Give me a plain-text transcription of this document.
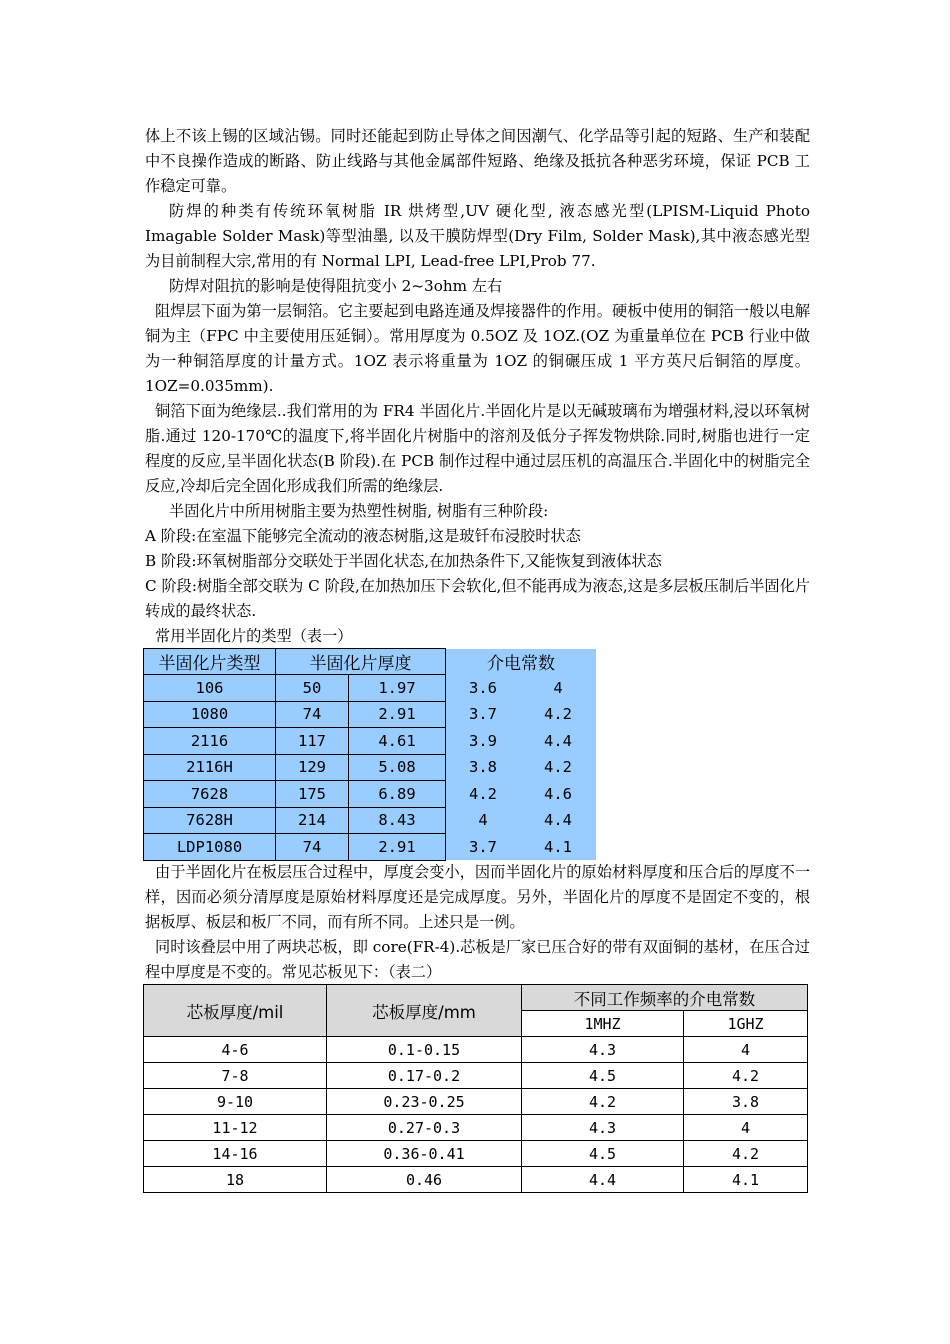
体上不该上锡的区域沾锡。同时还能起到防止导体之间因潮气、化学品等引起的短路、生产和装配中不良操作造成的断路、防止线路与其他金属部件短路、绝缘及抵抗各种恶劣环境，保证 PCB 工作稳定可靠。

防焊的种类有传统环氧树脂 IR 烘烤型,UV 硬化型, 液态感光型(LPISM-Liquid Photo Imagable Solder Mask)等型油墨, 以及干膜防焊型(Dry Film, Solder Mask),其中液态感光型为目前制程大宗,常用的有 Normal LPI, Lead-free LPI,Prob 77.

防焊对阻抗的影响是使得阻抗变小 2~3ohm 左右

阻焊层下面为第一层铜箔。它主要起到电路连通及焊接器件的作用。硬板中使用的铜箔一般以电解铜为主（FPC 中主要使用压延铜）。常用厚度为 0.5OZ 及 1OZ.(OZ 为重量单位在 PCB 行业中做为一种铜箔厚度的计量方式。1OZ 表示将重量为 1OZ 的铜碾压成 1 平方英尺后铜箔的厚度。1OZ=0.035mm).

铜箔下面为绝缘层..我们常用的为 FR4 半固化片.半固化片是以无碱玻璃布为增强材料,浸以环氧树脂.通过 120-170℃的温度下,将半固化片树脂中的溶剂及低分子挥发物烘除.同时,树脂也进行一定程度的反应,呈半固化状态(B 阶段).在 PCB 制作过程中通过层压机的高温压合.半固化中的树脂完全反应,冷却后完全固化形成我们所需的绝缘层.

半固化片中所用树脂主要为热塑性树脂, 树脂有三种阶段:

A 阶段:在室温下能够完全流动的液态树脂,这是玻钎布浸胶时状态

B 阶段:环氧树脂部分交联处于半固化状态,在加热条件下,又能恢复到液体状态

C 阶段:树脂全部交联为 C 阶段,在加热加压下会软化,但不能再成为液态,这是多层板压制后半固化片转成的最终状态.

常用半固化片的类型（表一）

半固化片类型	半固化片厚度		介电常数	
106	50	1.97	3.6	4
1080	74	2.91	3.7	4.2
2116	117	4.61	3.9	4.4
2116H	129	5.08	3.8	4.2
7628	175	6.89	4.2	4.6
7628H	214	8.43	4	4.4
LDP1080	74	2.91	3.7	4.1

由于半固化片在板层压合过程中，厚度会变小，因而半固化片的原始材料厚度和压合后的厚度不一样，因而必须分清厚度是原始材料厚度还是完成厚度。另外，半固化片的厚度不是固定不变的，根据板厚、板层和板厂不同，而有所不同。上述只是一例。

同时该叠层中用了两块芯板，即 core(FR-4).芯板是厂家已压合好的带有双面铜的基材，在压合过程中厚度是不变的。常见芯板见下：（表二）

芯板厚度/mil	芯板厚度/mm	不同工作频率的介电常数	
		1MHZ	1GHZ
4-6	0.1-0.15	4.3	4
7-8	0.17-0.2	4.5	4.2
9-10	0.23-0.25	4.2	3.8
11-12	0.27-0.3	4.3	4
14-16	0.36-0.41	4.5	4.2
18	0.46	4.4	4.1
